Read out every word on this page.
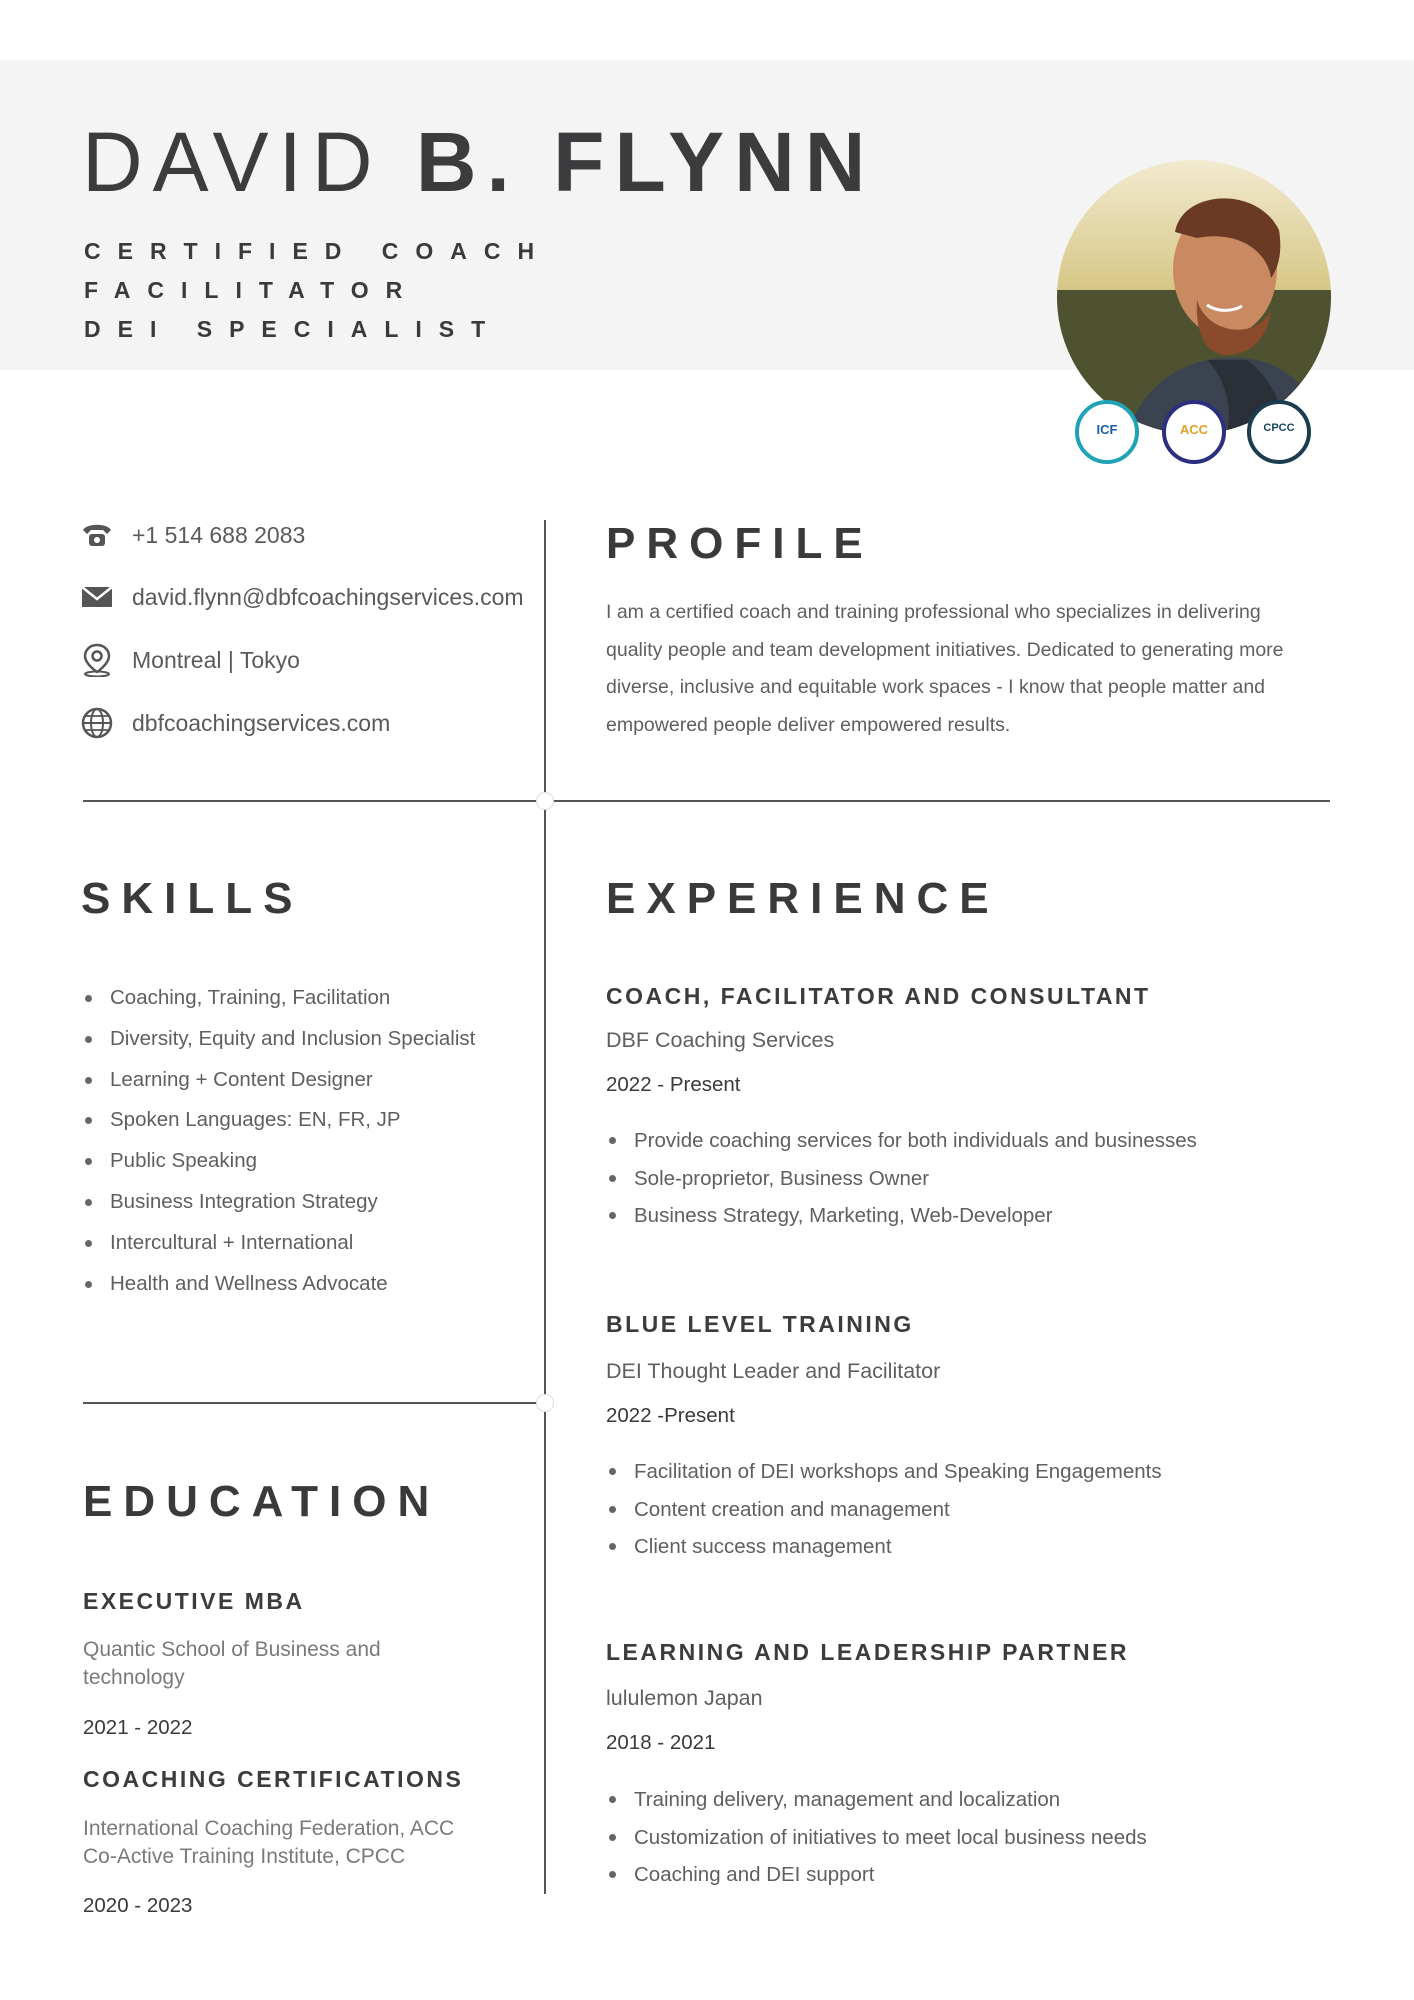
DAVID B. FLYNN
CERTIFIED COACH
FACILITATOR
DEI SPECIALIST
ICF	ACC	CPCC
+1 514 688 2083
david.flynn@dbfcoachingservices.com
Montreal | Tokyo
dbfcoachingservices.com
PROFILE
I am a certified coach and training professional who specializes in delivering
quality people and team development initiatives. Dedicated to generating more
diverse, inclusive and equitable work spaces - I know that people matter and
empowered people deliver empowered results.
SKILLS
Coaching, Training, Facilitation
Diversity, Equity and Inclusion Specialist
Learning + Content Designer
Spoken Languages: EN, FR, JP
Public Speaking
Business Integration Strategy
Intercultural + International
Health and Wellness Advocate
EDUCATION
EXECUTIVE MBA
Quantic School of Business and
technology
2021 - 2022
COACHING CERTIFICATIONS
International Coaching Federation, ACC
Co-Active Training Institute, CPCC
2020 - 2023
EXPERIENCE
COACH, FACILITATOR AND CONSULTANT
DBF Coaching Services
2022 - Present
Provide coaching services for both individuals and businesses
Sole-proprietor, Business Owner
Business Strategy, Marketing, Web-Developer
BLUE LEVEL TRAINING
DEI Thought Leader and Facilitator
2022 -Present
Facilitation of DEI workshops and Speaking Engagements
Content creation and management
Client success management
LEARNING AND LEADERSHIP PARTNER
lululemon Japan
2018 - 2021
Training delivery, management and localization
Customization of initiatives to meet local business needs
Coaching and DEI support
